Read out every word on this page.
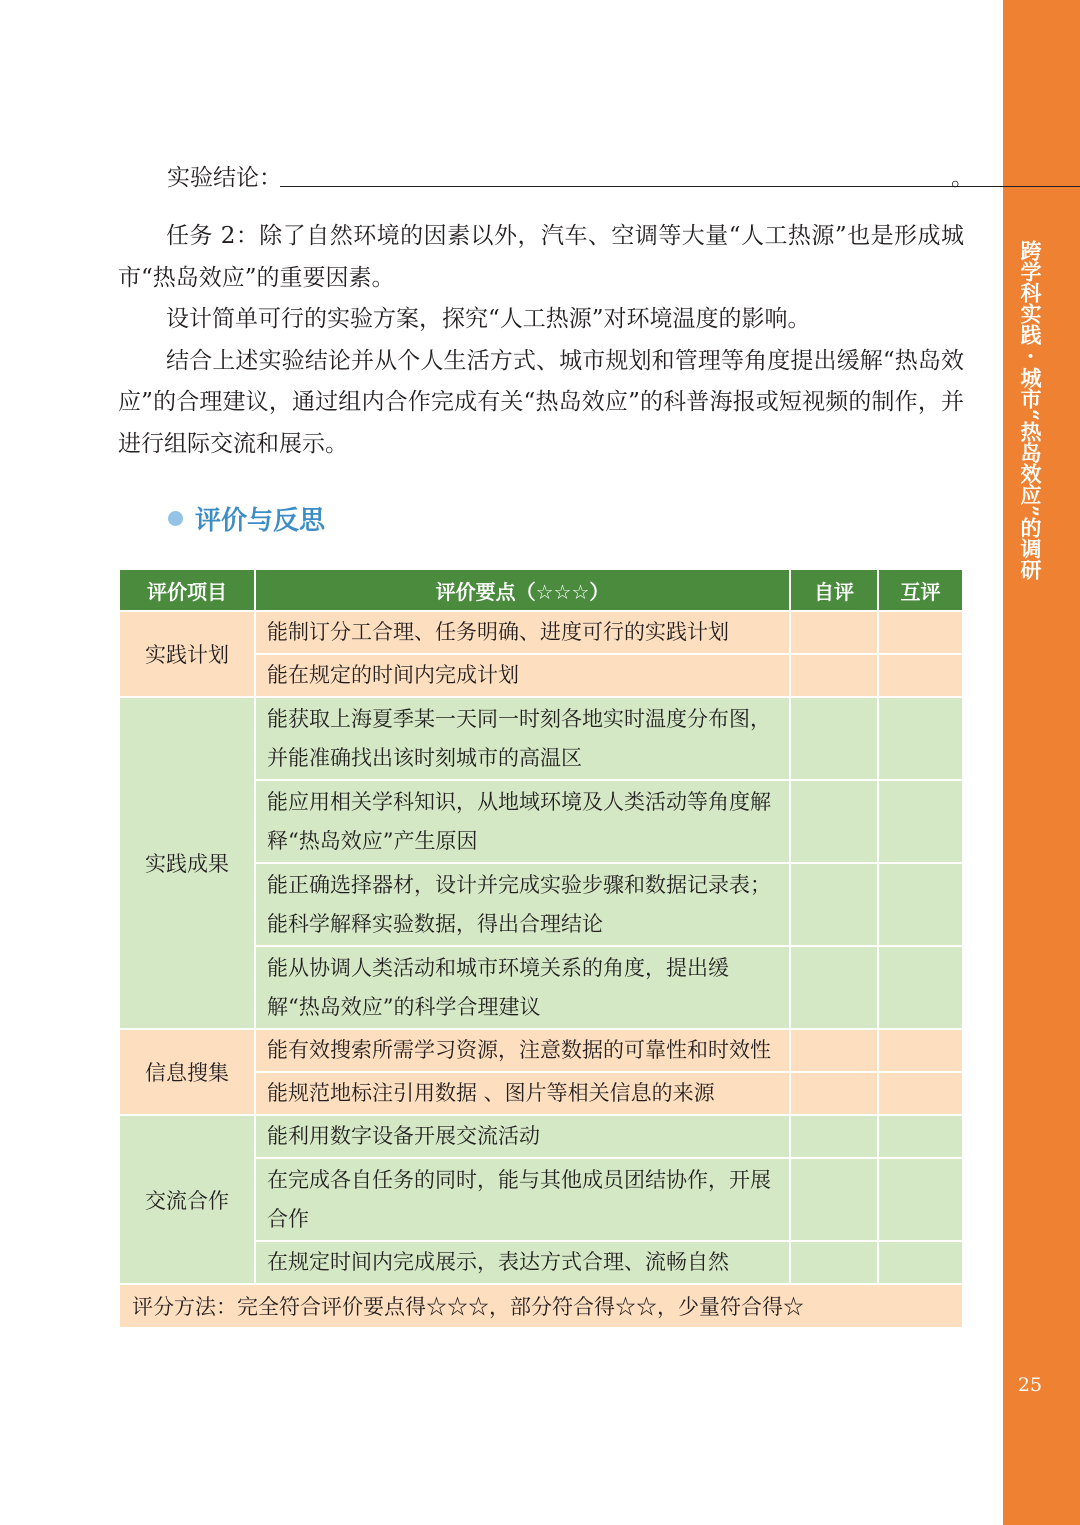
跨学科实践 · 城市“热岛效应”的调研
25
实验结论：	。

任务 2：除了自然环境的因素以外，汽车、空调等大量“人工热源”也是形成城市“热岛效应”的重要因素。

设计简单可行的实验方案，探究“人工热源”对环境温度的影响。

结合上述实验结论并从个人生活方式、城市规划和管理等角度提出缓解“热岛效应”的合理建议，通过组内合作完成有关“热岛效应”的科普海报或短视频的制作，并进行组际交流和展示。

评价与反思
评价项目	评价要点（☆☆☆）	自评	互评
实践计划	能制订分工合理、任务明确、进度可行的实践计划		
	能在规定的时间内完成计划		
实践成果	能获取上海夏季某一天同一时刻各地实时温度分布图，并能准确找出该时刻城市的高温区		
	能应用相关学科知识，从地域环境及人类活动等角度解释“热岛效应”产生原因		
	能正确选择器材，设计并完成实验步骤和数据记录表；能科学解释实验数据，得出合理结论		
	能从协调人类活动和城市环境关系的角度，提出缓解“热岛效应”的科学合理建议		
信息搜集	能有效搜索所需学习资源，注意数据的可靠性和时效性		
	能规范地标注引用数据 、图片等相关信息的来源		
交流合作	能利用数字设备开展交流活动		
	在完成各自任务的同时，能与其他成员团结协作，开展合作		
	在规定时间内完成展示，表达方式合理、流畅自然		
评分方法：完全符合评价要点得☆☆☆，部分符合得☆☆，少量符合得☆			
